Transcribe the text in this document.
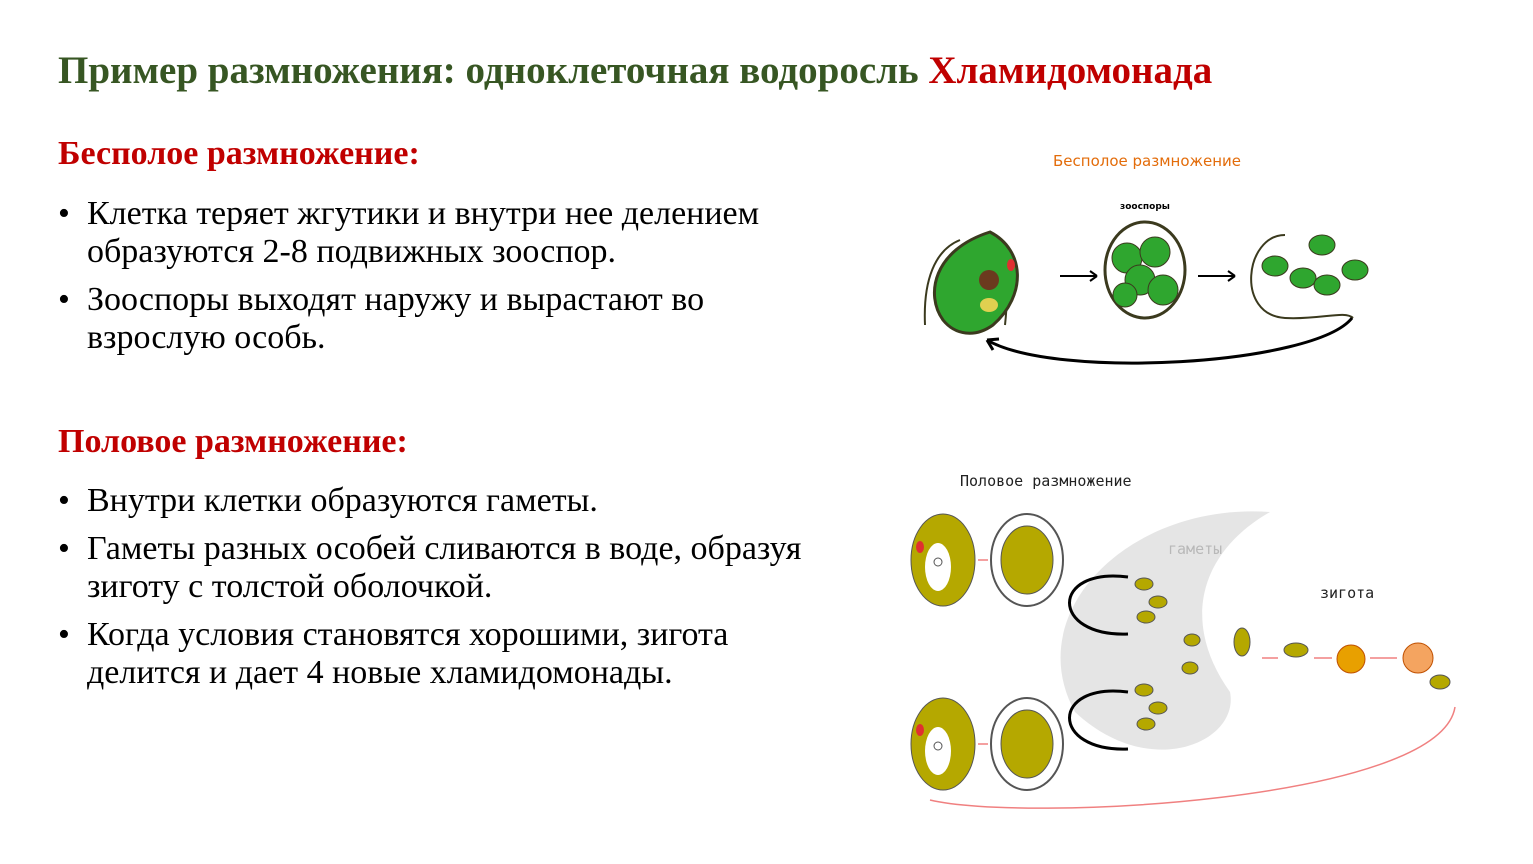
Пример размножения: одноклеточная водоросль Хламидомонада
Бесполое размножение:
• Клетка теряет жгутики и внутри нее делением образуются 2-8 подвижных зооспор.
• Зооспоры выходят наружу и вырастают во взрослую особь.
Половое размножение:
• Внутри клетки образуются гаметы.
• Гаметы разных особей сливаются в воде, образуя зиготу с толстой оболочкой.
• Когда условия становятся хорошими, зигота делится и дает 4 новые хламидомонады.
Бесполое размножение
зооспоры
Половое размножение
зигота
